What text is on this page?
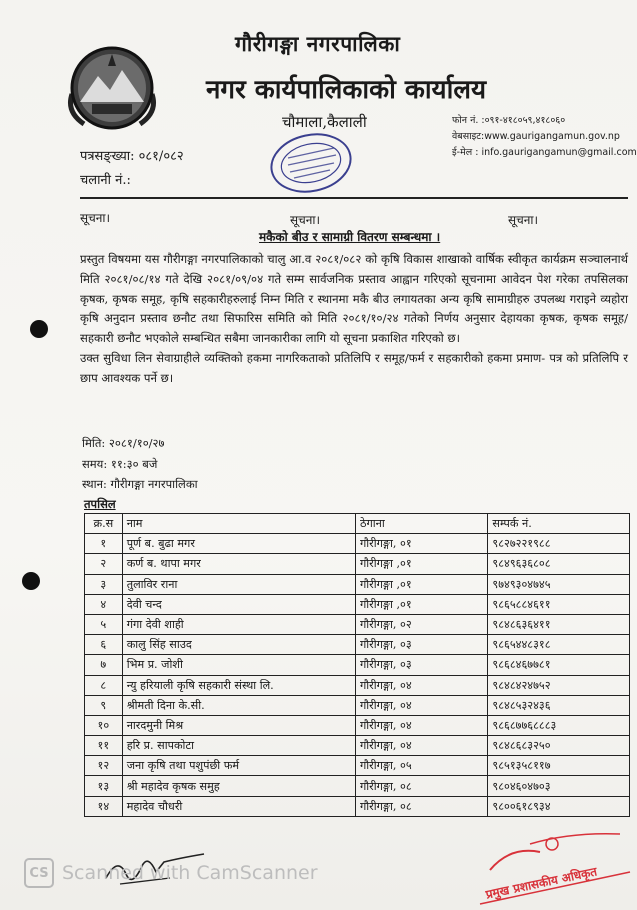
गौरीगङ्गा नगरपालिका
नगर कार्यपालिकाको कार्यालय
चौमाला,कैलाली	फोन नं. :०९१-४१८०५९,४१८०६०
वेबसाइट:www.gaurigangamun.gov.np
ई-मेल : info.gaurigangamun@gmail.com
पत्रसङ्ख्या: ०८१/०८२
चलानी नं.:
सूचना।	सूचना।	सूचना।
मकैको बीउ र सामाग्री वितरण सम्बन्धमा ।

प्रस्तुत विषयमा यस गौरीगङ्गा नगरपालिकाको चालु आ.व २०८१/०८२ को कृषि विकास शाखाको वार्षिक स्वीकृत कार्यक्रम सञ्चालनार्थ मिति २०८१/०८/१४ गते देखि २०८१/०९/०४ गते सम्म सार्वजनिक प्रस्ताव आह्वान गरिएको सूचनामा आवेदन पेश गरेका तपसिलका कृषक, कृषक समूह, कृषि सहकारीहरुलाई निम्न मिति र स्थानमा मकै बीउ लगायतका अन्य कृषि सामाग्रीहरु उपलब्ध गराइने व्यहोरा कृषि अनुदान प्रस्ताव छनौट तथा सिफारिस समिति को मिति २०८१/१०/२४ गतेको निर्णय अनुसार देहायका कृषक, कृषक समूह/सहकारी छनौट भएकोले सम्बन्धित सबैमा जानकारीका लागि यो सूचना प्रकाशित गरिएको छ।

उक्त सुविधा लिन सेवाग्राहीले व्यक्तिको हकमा नागरिकताको प्रतिलिपि र समूह/फर्म र सहकारीको हकमा प्रमाण- पत्र को प्रतिलिपि र छाप आवश्यक पर्ने छ।

मिति: २०८१/१०/२७
समय: ११:३० बजे
स्थान: गौरीगङ्गा नगरपालिका
तपसिल
क्र.स	नाम	ठेगाना	सम्पर्क नं.
१	पूर्ण ब. बुढा मगर	गौरीगङ्गा, ०१	९८२७२२१९८८
२	कर्ण ब. थापा मगर	गौरीगङ्गा ,०१	९८४९६३६८०८
३	तुलाविर राना	गौरीगङ्गा ,०१	९७४९३०४७४५
४	देवी चन्द	गौरीगङ्गा ,०१	९८६५८८४६११
५	गंगा देवी शाही	गौरीगङ्गा, ०२	९८४८६३६४११
६	कालु सिंह साउद	गौरीगङ्गा, ०३	९८६५४४८३१८
७	भिम प्र. जोशी	गौरीगङ्गा, ०३	९८६८४६७७८१
८	न्यु हरियाली कृषि सहकारी संस्था लि.	गौरीगङ्गा, ०४	९८४८४२४७५२
९	श्रीमती दिना के.सी.	गौरीगङ्गा, ०४	९८४८५३२४३६
१०	नारदमुनी मिश्र	गौरीगङ्गा, ०४	९८६८७७६८८८३
११	हरि प्र. सापकोटा	गौरीगङ्गा, ०४	९८४८६८३२५०
१२	जना कृषि तथा पशुपंछी फर्म	गौरीगङ्गा, ०५	९८५१३५८११७
१३	श्री महादेव कृषक समुह	गौरीगङ्गा, ०८	९८०४६०४७०३
१४	महादेव चौधरी	गौरीगङ्गा, ०८	९८००६१८९३४
प्रमुख प्रशासकीय अधिकृत
CS Scanned with CamScanner
